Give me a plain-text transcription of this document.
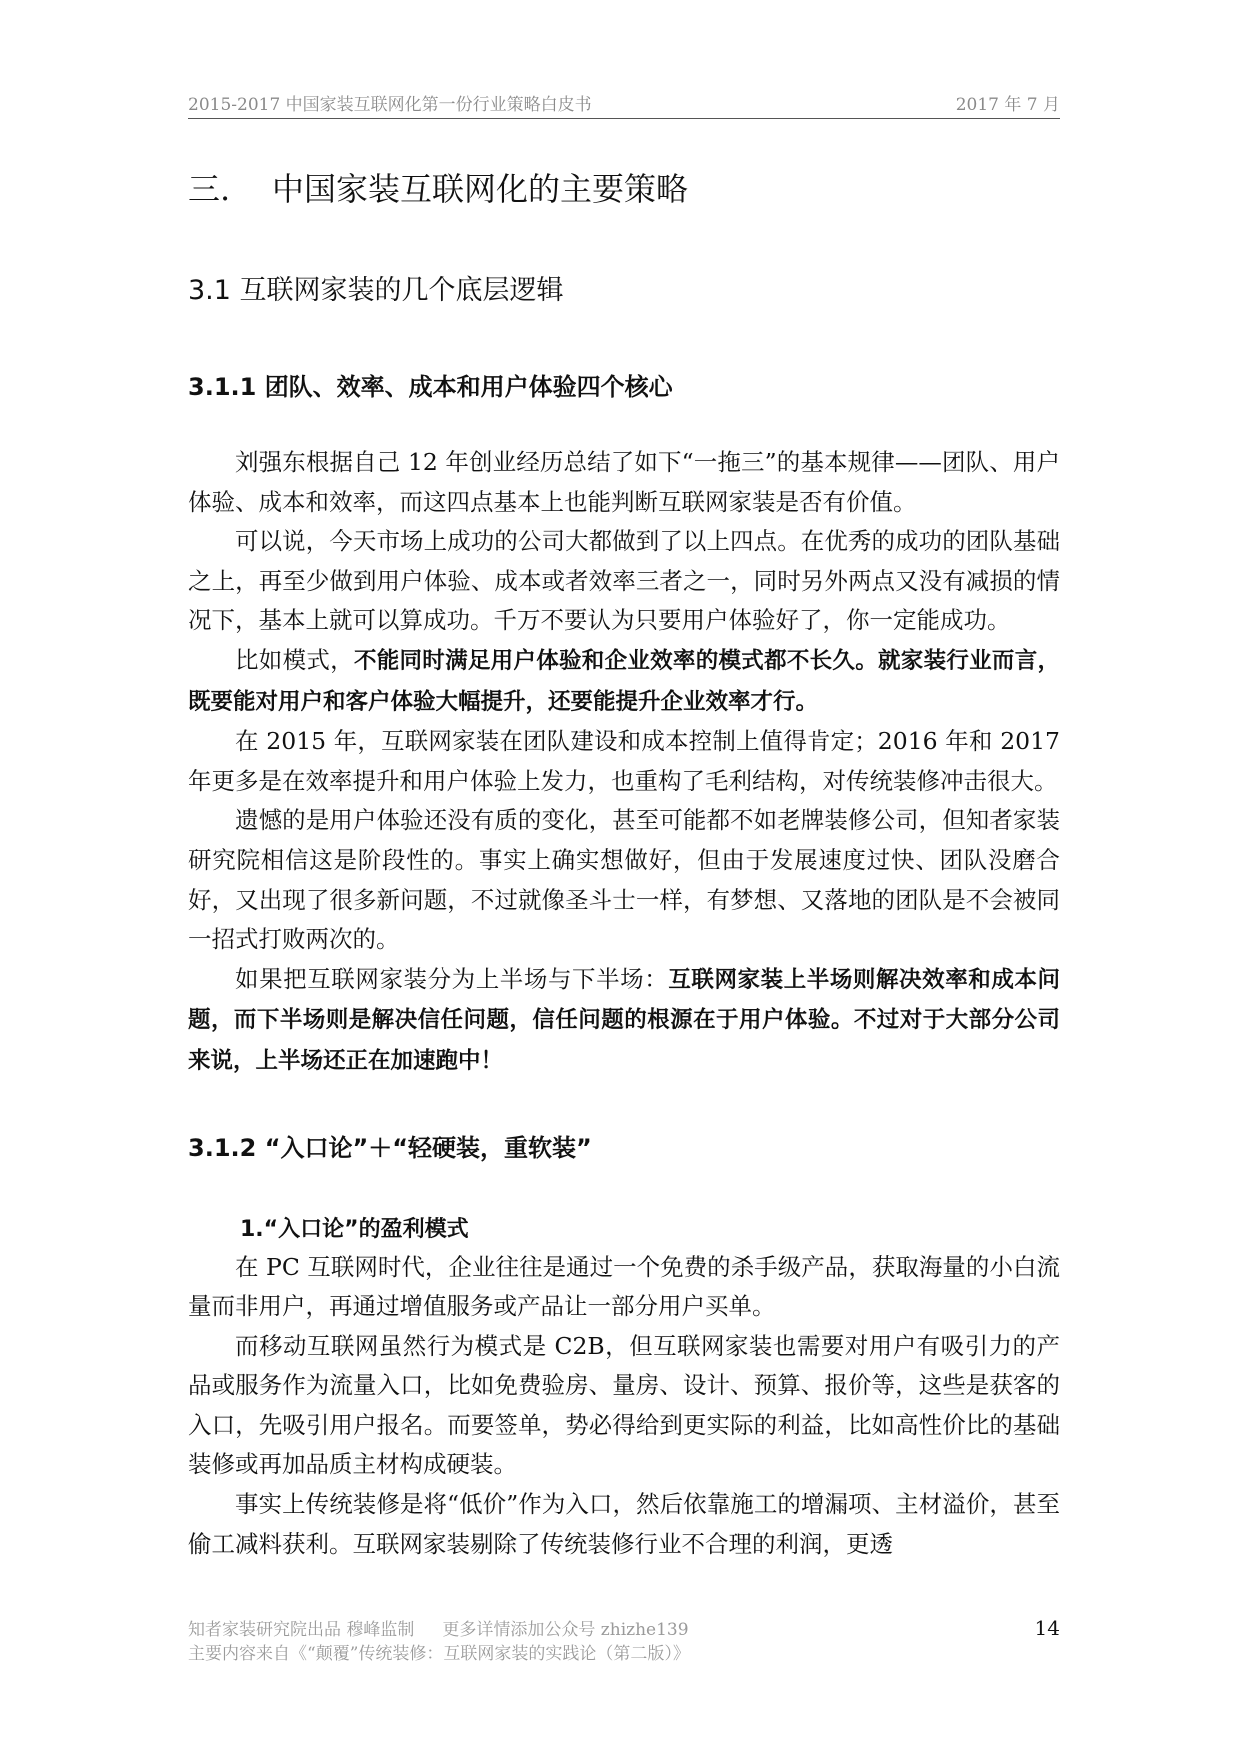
2015-2017 中国家装互联网化第一份行业策略白皮书	2017 年 7 月
三. 中国家装互联网化的主要策略
3.1 互联网家装的几个底层逻辑
3.1.1 团队、效率、成本和用户体验四个核心

刘强东根据自己 12 年创业经历总结了如下“一拖三”的基本规律——团队、用户体验、成本和效率，而这四点基本上也能判断互联网家装是否有价值。

可以说，今天市场上成功的公司大都做到了以上四点。在优秀的成功的团队基础之上，再至少做到用户体验、成本或者效率三者之一，同时另外两点又没有减损的情况下，基本上就可以算成功。千万不要认为只要用户体验好了，你一定能成功。

比如模式，不能同时满足用户体验和企业效率的模式都不长久。就家装行业而言，既要能对用户和客户体验大幅提升，还要能提升企业效率才行。

在 2015 年，互联网家装在团队建设和成本控制上值得肯定；2016 年和 2017 年更多是在效率提升和用户体验上发力，也重构了毛利结构，对传统装修冲击很大。

遗憾的是用户体验还没有质的变化，甚至可能都不如老牌装修公司，但知者家装研究院相信这是阶段性的。事实上确实想做好，但由于发展速度过快、团队没磨合好，又出现了很多新问题，不过就像圣斗士一样，有梦想、又落地的团队是不会被同一招式打败两次的。

如果把互联网家装分为上半场与下半场：互联网家装上半场则解决效率和成本问题，而下半场则是解决信任问题，信任问题的根源在于用户体验。不过对于大部分公司来说，上半场还正在加速跑中！

3.1.2 “入口论”＋“轻硬装，重软装”
1.“入口论”的盈利模式

在 PC 互联网时代，企业往往是通过一个免费的杀手级产品，获取海量的小白流量而非用户，再通过增值服务或产品让一部分用户买单。

而移动互联网虽然行为模式是 C2B，但互联网家装也需要对用户有吸引力的产品或服务作为流量入口，比如免费验房、量房、设计、预算、报价等，这些是获客的入口，先吸引用户报名。而要签单，势必得给到更实际的利益，比如高性价比的基础装修或再加品质主材构成硬装。

事实上传统装修是将“低价”作为入口，然后依靠施工的增漏项、主材溢价，甚至偷工减料获利。互联网家装剔除了传统装修行业不合理的利润，更透

知者家装研究院出品 穆峰监制 更多详情添加公众号 zhizhe139	14
主要内容来自《“颠覆”传统装修：互联网家装的实践论（第二版）》
